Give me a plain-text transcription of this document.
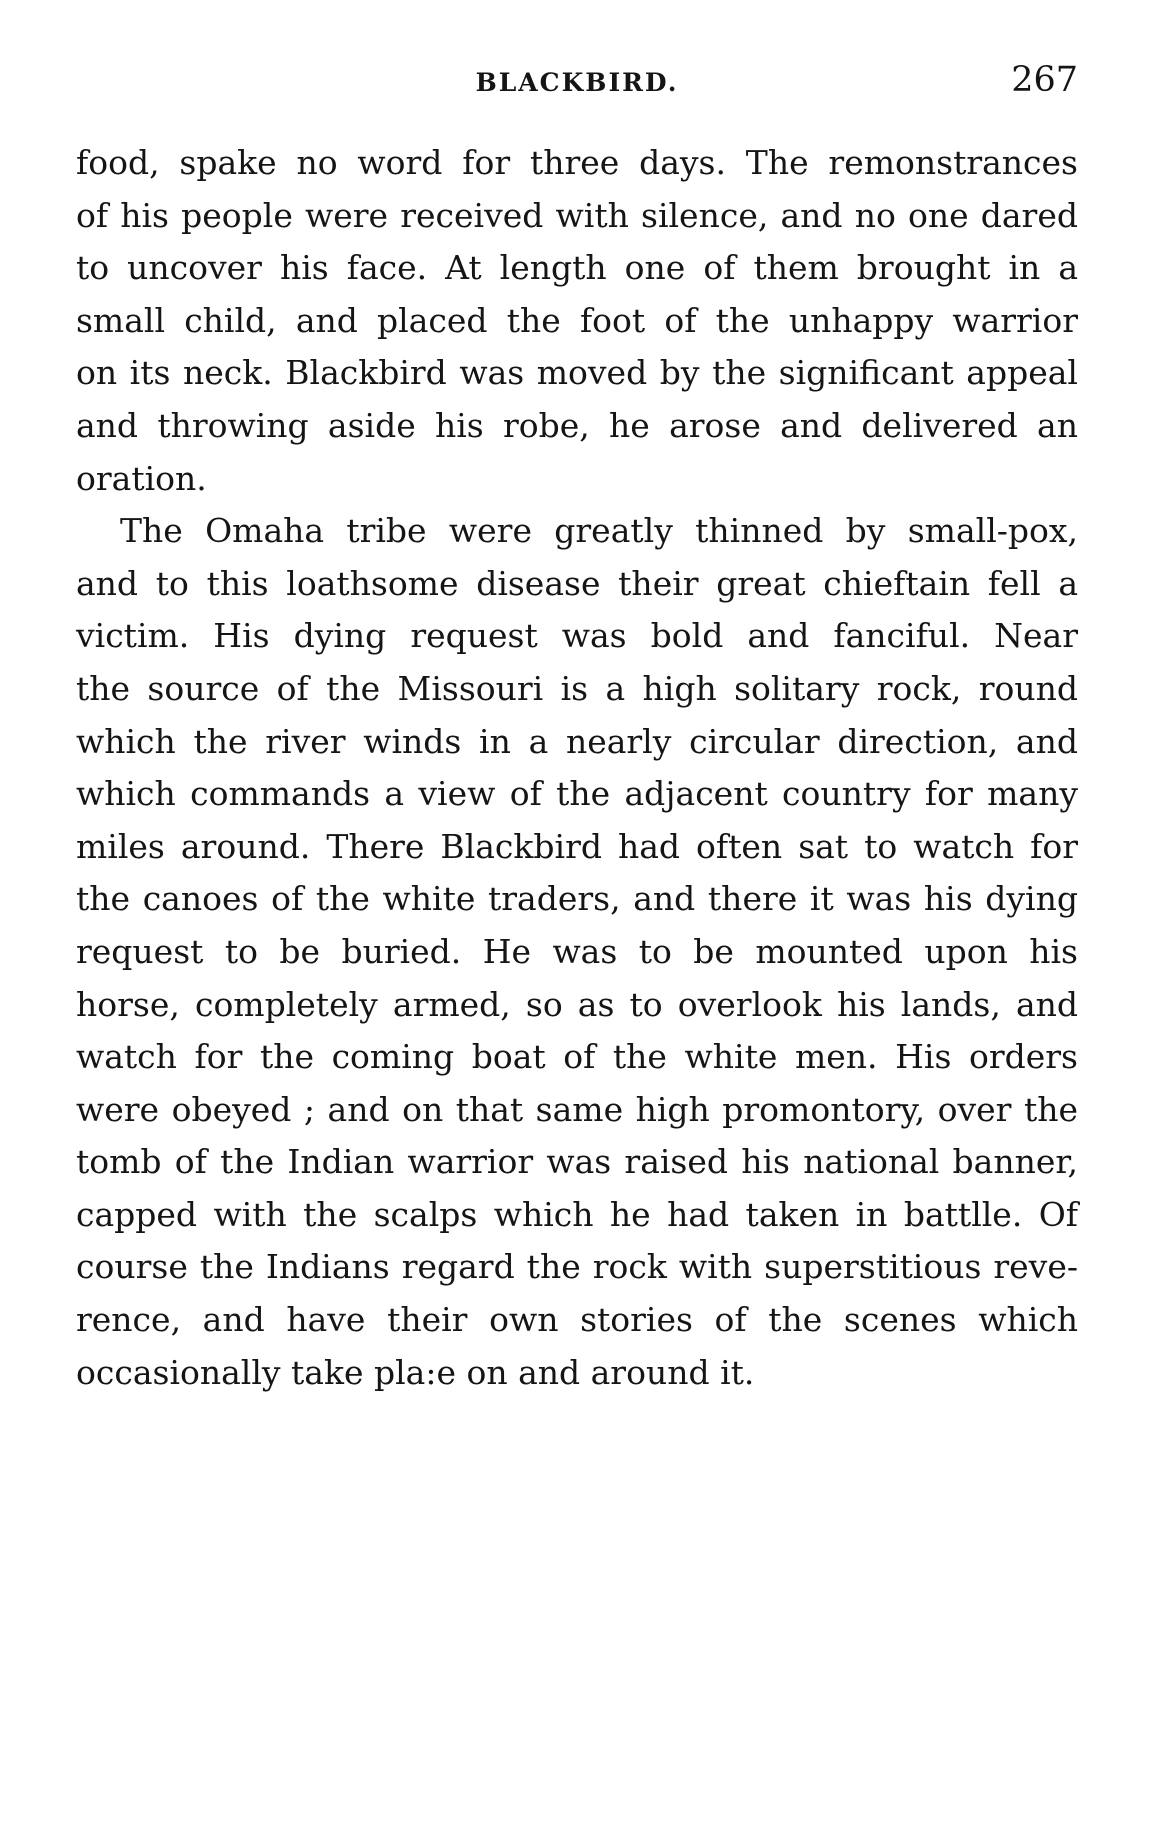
BLACKBIRD.	267
food, spake no word for three days. The remonstrances
of his people were received with silence, and no one dared
to uncover his face. At length one of them brought in a
small child, and placed the foot of the unhappy warrior
on its neck. Blackbird was moved by the significant appeal
and throwing aside his robe, he arose and delivered an
oration.
The Omaha tribe were greatly thinned by small-pox,
and to this loathsome disease their great chieftain fell a
victim. His dying request was bold and fanciful. Near
the source of the Missouri is a high solitary rock, round
which the river winds in a nearly circular direction, and
which commands a view of the adjacent country for many
miles around. There Blackbird had often sat to watch for
the canoes of the white traders, and there it was his dying
request to be buried. He was to be mounted upon his
horse, completely armed, so as to overlook his lands, and
watch for the coming boat of the white men. His orders
were obeyed ; and on that same high promontory, over the
tomb of the Indian warrior was raised his national banner,
capped with the scalps which he had taken in battlle. Of
course the Indians regard the rock with superstitious reve-
rence, and have their own stories of the scenes which
occasionally take pla:e on and around it.
